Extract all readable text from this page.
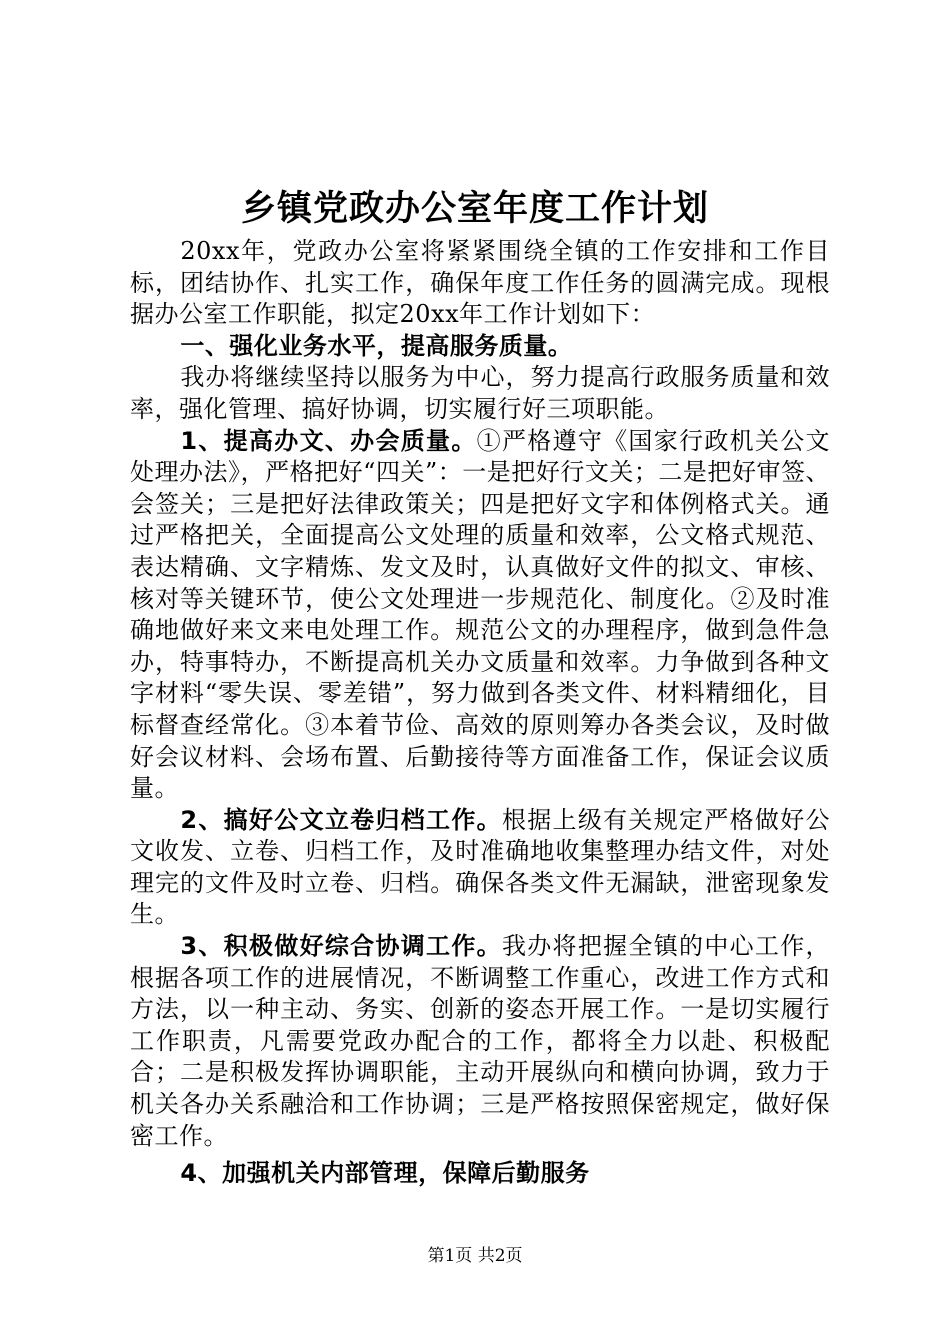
乡镇党政办公室年度工作计划

20xx年，党政办公室将紧紧围绕全镇的工作安排和工作目标，团结协作、扎实工作，确保年度工作任务的圆满完成。现根据办公室工作职能，拟定20xx年工作计划如下：

一、强化业务水平，提高服务质量。

我办将继续坚持以服务为中心，努力提高行政服务质量和效率，强化管理、搞好协调，切实履行好三项职能。

1、提高办文、办会质量。①严格遵守《国家行政机关公文处理办法》，严格把好“四关”：一是把好行文关；二是把好审签、会签关；三是把好法律政策关；四是把好文字和体例格式关。通过严格把关，全面提高公文处理的质量和效率，公文格式规范、表达精确、文字精炼、发文及时，认真做好文件的拟文、审核、核对等关键环节，使公文处理进一步规范化、制度化。②及时准确地做好来文来电处理工作。规范公文的办理程序，做到急件急办，特事特办，不断提高机关办文质量和效率。力争做到各种文字材料“零失误、零差错”，努力做到各类文件、材料精细化，目标督查经常化。③本着节俭、高效的原则筹办各类会议，及时做好会议材料、会场布置、后勤接待等方面准备工作，保证会议质量。

2、搞好公文立卷归档工作。根据上级有关规定严格做好公文收发、立卷、归档工作，及时准确地收集整理办结文件，对处理完的文件及时立卷、归档。确保各类文件无漏缺，泄密现象发生。

3、积极做好综合协调工作。我办将把握全镇的中心工作，根据各项工作的进展情况，不断调整工作重心，改进工作方式和方法，以一种主动、务实、创新的姿态开展工作。一是切实履行工作职责，凡需要党政办配合的工作，都将全力以赴、积极配合；二是积极发挥协调职能，主动开展纵向和横向协调，致力于机关各办关系融洽和工作协调；三是严格按照保密规定，做好保密工作。

4、加强机关内部管理，保障后勤服务

第1页 共2页
